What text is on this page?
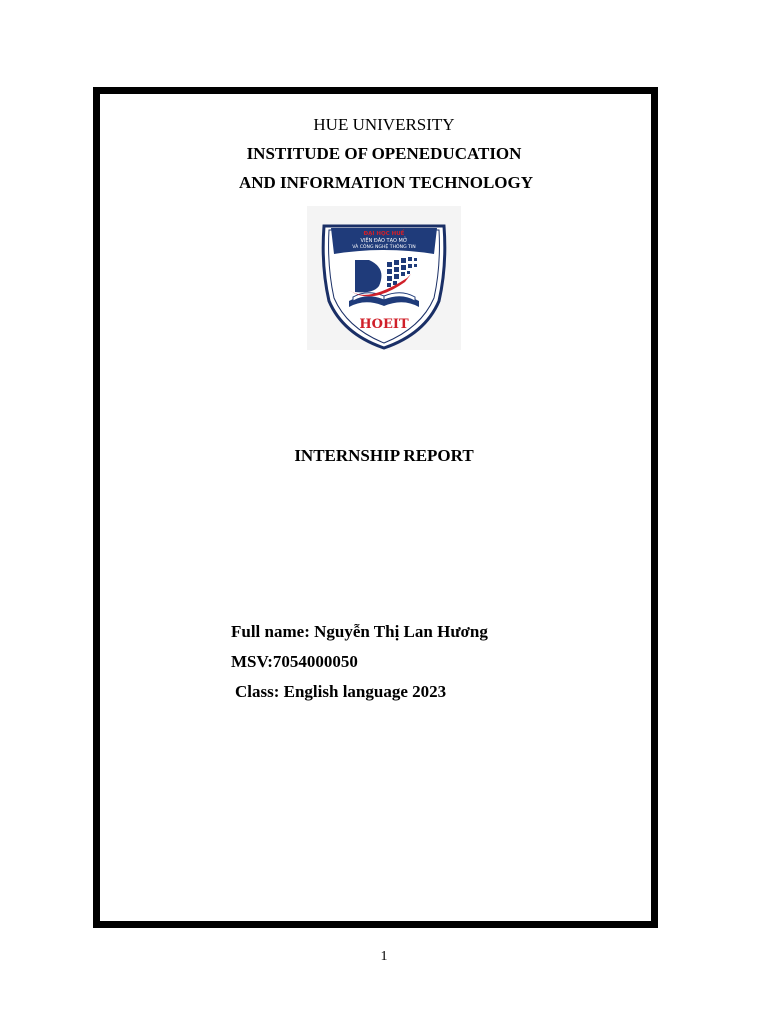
HUE UNIVERSITY
INSTITUDE OF OPENEDUCATION
AND INFORMATION TECHNOLOGY
ĐẠI HỌC HUẾ
VIỆN ĐÀO TẠO MỞ
VÀ CÔNG NGHỆ THÔNG TIN
HOEIT
INTERNSHIP REPORT
Full name: Nguyễn Thị Lan Hương
MSV:7054000050
Class: English language 2023
1
